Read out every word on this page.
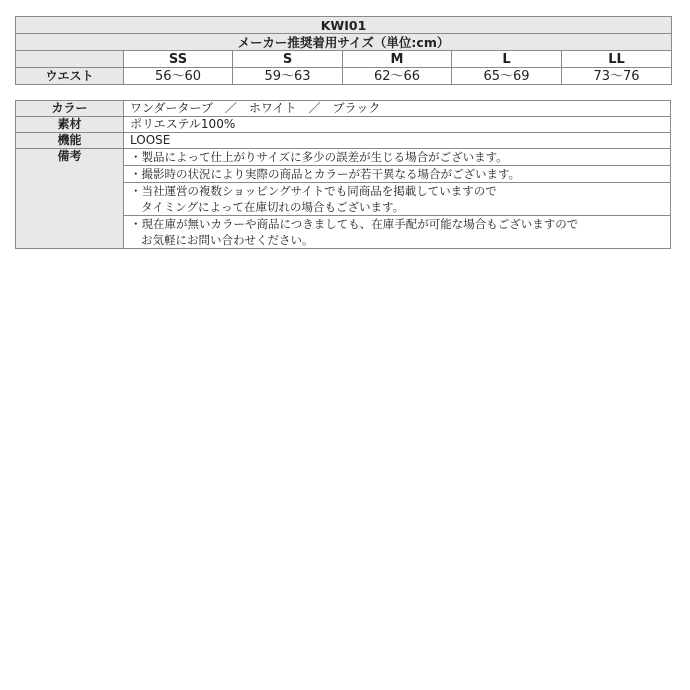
KWI01					
メーカー推奨着用サイズ（単位:cm）					
	SS	S	M	L	LL
ウエスト	56〜60	59〜63	62〜66	65〜69	73〜76
カラー	ワンダーターブ　／　ホワイト　／　ブラック
素材	ポリエステル100%
機能	LOOSE
備考	・製品によって仕上がりサイズに多少の誤差が生じる場合がございます。

	・撮影時の状況により実際の商品とカラーが若干異なる場合がございます。

	・当社運営の複数ショッピングサイトでも同商品を掲載していますので
タイミングによって在庫切れの場合もございます。

	・現在庫が無いカラーや商品につきましても、在庫手配が可能な場合もございますので
お気軽にお問い合わせください。
